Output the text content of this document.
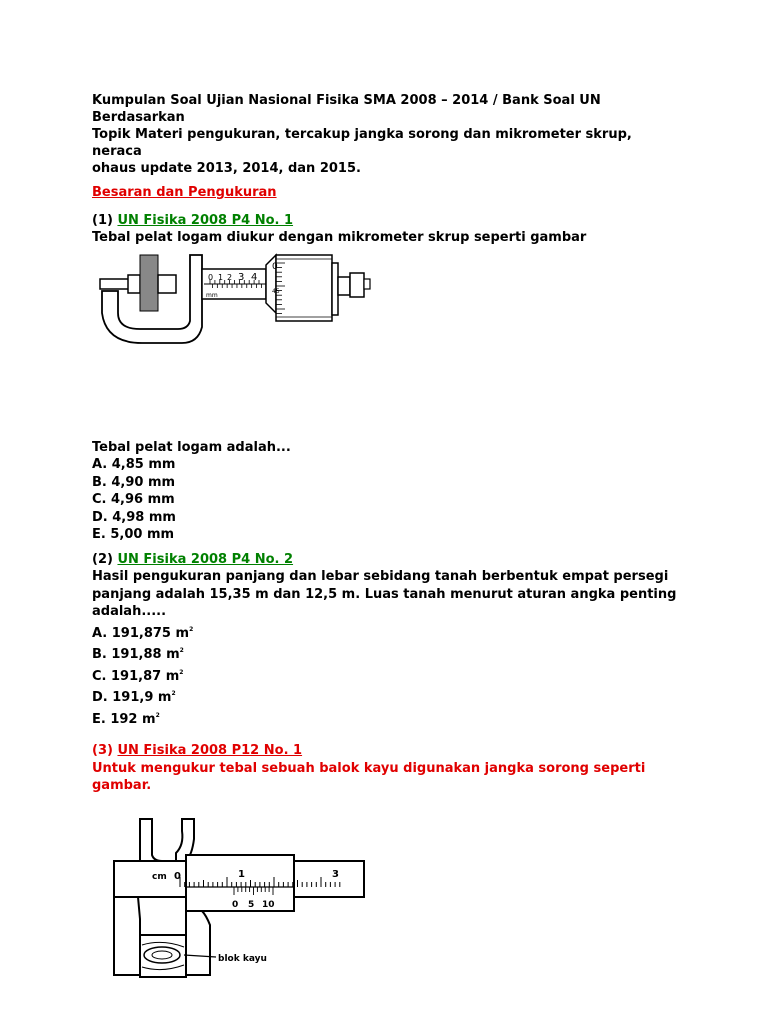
Kumpulan Soal Ujian Nasional Fisika SMA 2008 – 2014 / Bank Soal UN Berdasarkan

Topik Materi pengukuran, tercakup jangka sorong dan mikrometer skrup, neraca

ohaus update 2013, 2014, dan 2015.

Besaran dan Pengukuran

(1) UN Fisika 2008 P4 No. 1

Tebal pelat logam diukur dengan mikrometer skrup seperti gambar

0 1 2 3 4
mm
0
45

Tebal pelat logam adalah...

A. 4,85 mm

B. 4,90 mm

C. 4,96 mm

D. 4,98 mm

E. 5,00 mm

(2) UN Fisika 2008 P4 No. 2

Hasil pengukuran panjang dan lebar sebidang tanah berbentuk empat persegi

panjang adalah 15,35 m dan 12,5 m. Luas tanah menurut aturan angka penting

adalah.....

A. 191,875 $m^2$

B. 191,88 $m^2$

C. 191,87 $m^2$

D. 191,9 $m^2$

E. 192 $m^2$

(3) UN Fisika 2008 P12 No. 1

Untuk mengukur tebal sebuah balok kayu digunakan jangka sorong seperti gambar.

cm 0	1	3
0 5 10
blok kayu
